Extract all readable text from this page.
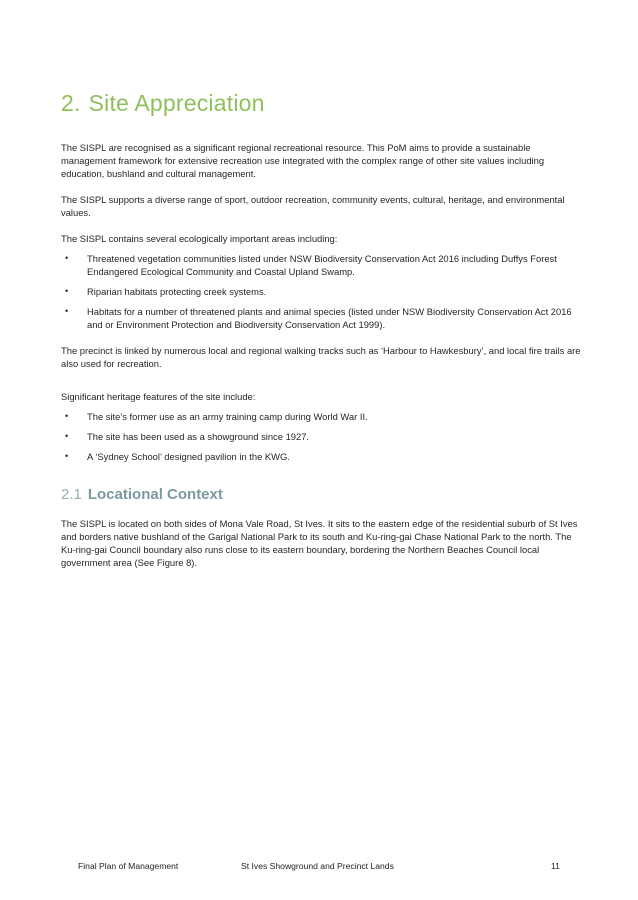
2. Site Appreciation

The SISPL are recognised as a significant regional recreational resource. This PoM aims to provide a sustainable management framework for extensive recreation use integrated with the complex range of other site values including education, bushland and cultural management.

The SISPL supports a diverse range of sport, outdoor recreation, community events, cultural, heritage, and environmental values.

The SISPL contains several ecologically important areas including:

• Threatened vegetation communities listed under NSW Biodiversity Conservation Act 2016 including Duffys Forest Endangered Ecological Community and Coastal Upland Swamp.
• Riparian habitats protecting creek systems.
• Habitats for a number of threatened plants and animal species (listed under NSW Biodiversity Conservation Act 2016 and or Environment Protection and Biodiversity Conservation Act 1999).

The precinct is linked by numerous local and regional walking tracks such as ‘Harbour to Hawkesbury’, and local fire trails are also used for recreation.

Significant heritage features of the site include:

• The site’s former use as an army training camp during World War II.
• The site has been used as a showground since 1927.
• A ‘Sydney School’ designed pavilion in the KWG.
2.1 Locational Context

The SISPL is located on both sides of Mona Vale Road, St Ives. It sits to the eastern edge of the residential suburb of St Ives and borders native bushland of the Garigal National Park to its south and Ku-ring-gai Chase National Park to the north. The Ku-ring-gai Council boundary also runs close to its eastern boundary, bordering the Northern Beaches Council local government area (See Figure 8).

Final Plan of Management	St Ives Showground and Precinct Lands	11
